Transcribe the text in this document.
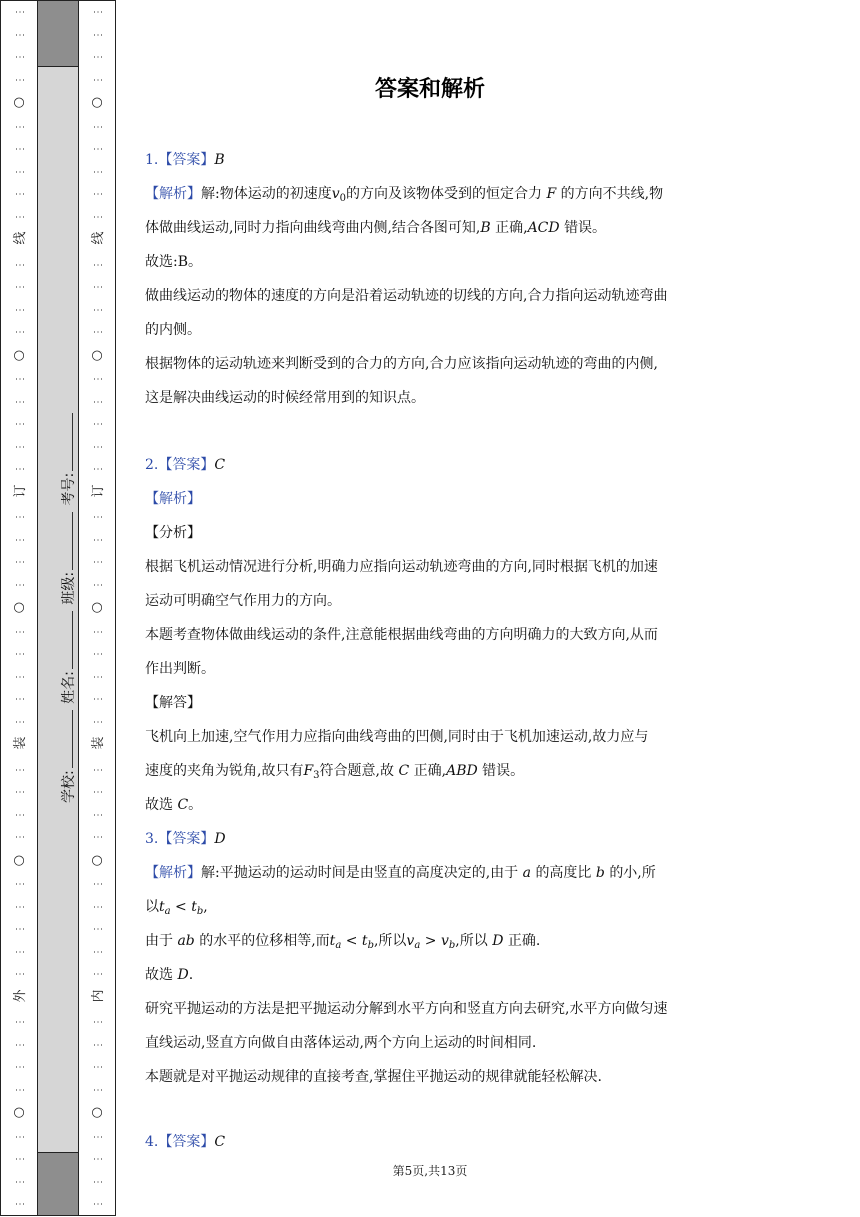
⋮
⋮
⋮
⋮
○
⋮
⋮
⋮
⋮
⋮
线
⋮
⋮
⋮
⋮
○
⋮
⋮
⋮
⋮
⋮
订
⋮
⋮
⋮
⋮
○
⋮
⋮
⋮
⋮
⋮
装
⋮
⋮
⋮
⋮
○
⋮
⋮
⋮
⋮
⋮
外
⋮
⋮
⋮
⋮
○
⋮
⋮
⋮
⋮
学校: 姓名: 班级: 考号:
⋮
⋮
⋮
⋮
○
⋮
⋮
⋮
⋮
⋮
线
⋮
⋮
⋮
⋮
○
⋮
⋮
⋮
⋮
⋮
订
⋮
⋮
⋮
⋮
○
⋮
⋮
⋮
⋮
⋮
装
⋮
⋮
⋮
⋮
○
⋮
⋮
⋮
⋮
⋮
内
⋮
⋮
⋮
⋮
○
⋮
⋮
⋮
⋮
答案和解析
1.【答案】B
【解析】解:物体运动的初速度$v_0$的方向及该物体受到的恒定合力 F 的方向不共线,物
体做曲线运动,同时力指向曲线弯曲内侧,结合各图可知,B 正确,ACD 错误。
故选:B。
做曲线运动的物体的速度的方向是沿着运动轨迹的切线的方向,合力指向运动轨迹弯曲
的内侧。
根据物体的运动轨迹来判断受到的合力的方向,合力应该指向运动轨迹的弯曲的内侧,
这是解决曲线运动的时候经常用到的知识点。
2.【答案】C
【解析】
【分析】
根据飞机运动情况进行分析,明确力应指向运动轨迹弯曲的方向,同时根据飞机的加速
运动可明确空气作用力的方向。
本题考查物体做曲线运动的条件,注意能根据曲线弯曲的方向明确力的大致方向,从而
作出判断。
【解答】
飞机向上加速,空气作用力应指向曲线弯曲的凹侧,同时由于飞机加速运动,故力应与
速度的夹角为锐角,故只有$F_3$符合题意,故 C 正确,ABD 错误。
故选 C。
3.【答案】D
【解析】解:平抛运动的运动时间是由竖直的高度决定的,由于 a 的高度比 b 的小,所
以$t_a < t_b$,
由于 ab 的水平的位移相等,而$t_a < t_b$,所以$v_a > v_b$,所以 D 正确.
故选 D.
研究平抛运动的方法是把平抛运动分解到水平方向和竖直方向去研究,水平方向做匀速
直线运动,竖直方向做自由落体运动,两个方向上运动的时间相同.
本题就是对平抛运动规律的直接考查,掌握住平抛运动的规律就能轻松解决.
4.【答案】C
第5页,共13页
